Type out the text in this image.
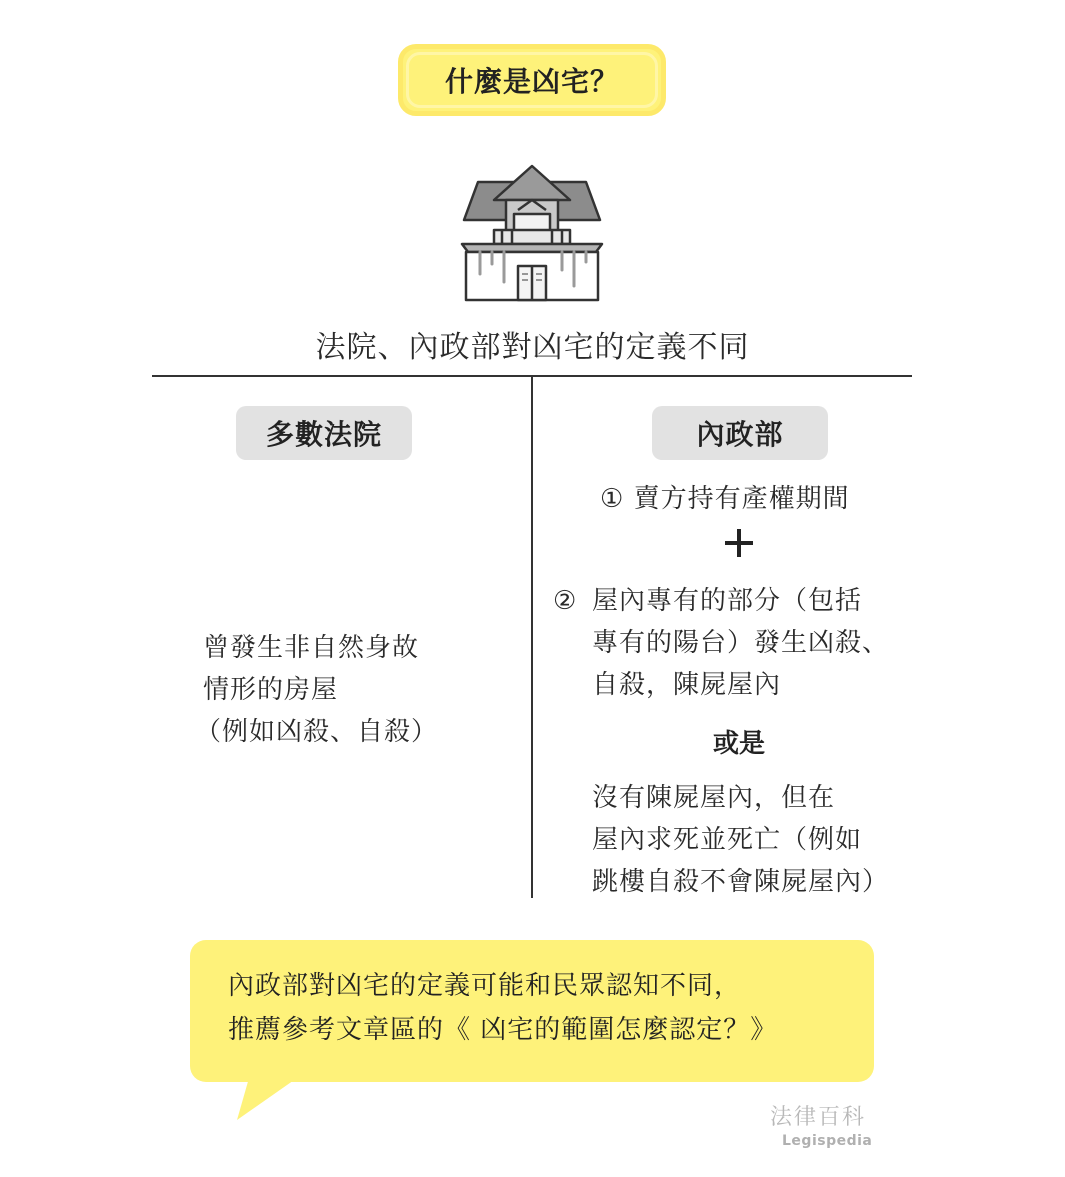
什麼是凶宅？
法院、內政部對凶宅的定義不同
多數法院	內政部
曾發生非自然身故
情形的房屋
（例如凶殺、自殺）
① 賣方持有產權期間
② 屋內專有的部分（包括
專有的陽台）發生凶殺、
自殺，陳屍屋內
或是
沒有陳屍屋內，但在
屋內求死並死亡（例如
跳樓自殺不會陳屍屋內）
內政部對凶宅的定義可能和民眾認知不同，
推薦參考文章區的《 凶宅的範圍怎麼認定？》
法律百科
Legispedia
